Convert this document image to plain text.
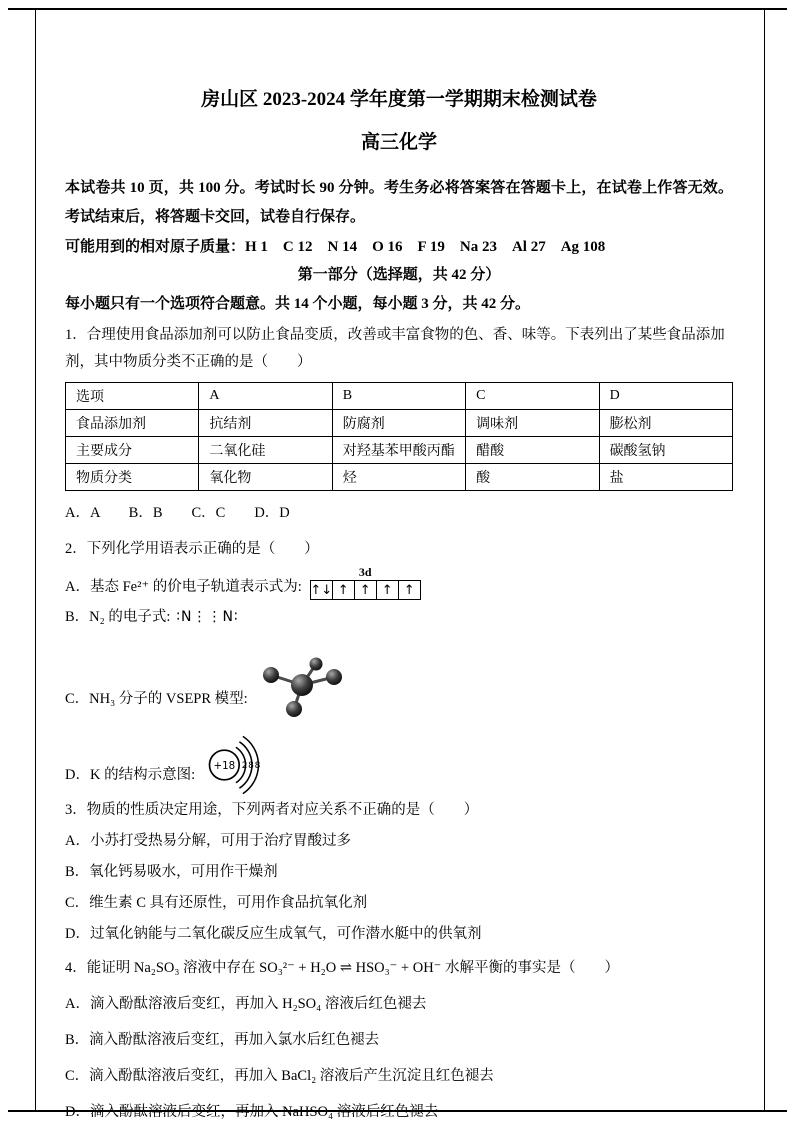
房山区 2023-2024 学年度第一学期期末检测试卷
高三化学

本试卷共 10 页，共 100 分。考试时长 90 分钟。考生务必将答案答在答题卡上，在试卷上作答无效。考试结束后，将答题卡交回，试卷自行保存。

可能用到的相对原子质量：H 1　C 12　N 14　O 16　F 19　Na 23　Al 27　Ag 108

第一部分（选择题，共 42 分）

每小题只有一个选项符合题意。共 14 个小题，每小题 3 分，共 42 分。

1．合理使用食品添加剂可以防止食品变质，改善或丰富食物的色、香、味等。下表列出了某些食品添加剂，其中物质分类不正确的是（　　）

选项	A	B	C	D
食品添加剂	抗结剂	防腐剂	调味剂	膨松剂
主要成分	二氧化硅	对羟基苯甲酸丙酯	醋酸	碳酸氢钠
物质分类	氧化物	烃	酸	盐

A．A　　B．B　　C．C　　D．D

2．下列化学用语表示正确的是（　　）

A．基态 Fe²⁺ 的价电子轨道表示式为:
3d
↑↓ ↑ ↑ ↑ ↑
B．N₂ 的电子式: ∶N⋮⋮N∶
C．NH₃ 分子的 VSEPR 模型:
D．K 的结构示意图:
+18 2 8 8

3．物质的性质决定用途，下列两者对应关系不正确的是（　　）

A．小苏打受热易分解，可用于治疗胃酸过多

B．氧化钙易吸水，可用作干燥剂

C．维生素 C 具有还原性，可用作食品抗氧化剂

D．过氧化钠能与二氧化碳反应生成氧气，可作潜水艇中的供氧剂

4．能证明 Na₂SO₃ 溶液中存在 SO₃²⁻ + H₂O ⇌ HSO₃⁻ + OH⁻ 水解平衡的事实是（　　）

A．滴入酚酞溶液后变红，再加入 H₂SO₄ 溶液后红色褪去

B．滴入酚酞溶液后变红，再加入氯水后红色褪去

C．滴入酚酞溶液后变红，再加入 BaCl₂ 溶液后产生沉淀且红色褪去

D．滴入酚酞溶液后变红，再加入 NaHSO₄ 溶液后红色褪去
